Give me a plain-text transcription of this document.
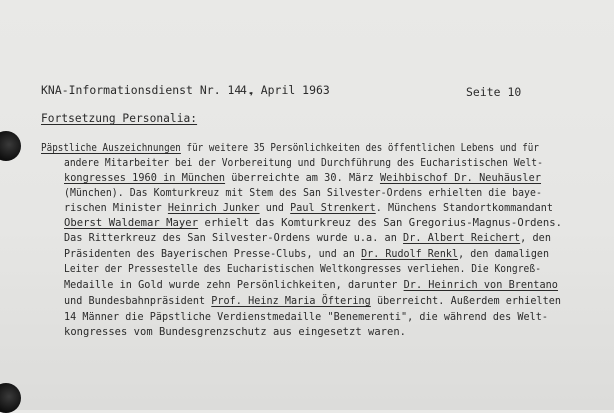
KNA-Informationsdienst Nr. 14 ,
4. April 1963	Seite 10
Fortsetzung Personalia:
Päpstliche Auszeichnungen für weitere 35 Persönlichkeiten des öffentlichen Lebens und für
andere Mitarbeiter bei der Vorbereitung und Durchführung des Eucharistischen Welt-
kongresses 1960 in München überreichte am 30. März Weihbischof Dr. Neuhäusler
(München). Das Komturkreuz mit Stem des San Silvester-Ordens erhielten die baye-
rischen Minister Heinrich Junker und Paul Strenkert. Münchens Standortkommandant
Oberst Waldemar Mayer erhielt das Komturkreuz des San Gregorius-Magnus-Ordens.
Das Ritterkreuz des San Silvester-Ordens wurde u.a. an Dr. Albert Reichert, den
Präsidenten des Bayerischen Presse-Clubs, und an Dr. Rudolf Renkl, den damaligen
Leiter der Pressestelle des Eucharistischen Weltkongresses verliehen. Die Kongreß-
Medaille in Gold wurde zehn Persönlichkeiten, darunter Dr. Heinrich von Brentano
und Bundesbahnpräsident Prof. Heinz Maria Öftering überreicht. Außerdem erhielten
14 Männer die Päpstliche Verdienstmedaille "Benemerenti", die während des Welt-
kongresses vom Bundesgrenzschutz aus eingesetzt waren.
